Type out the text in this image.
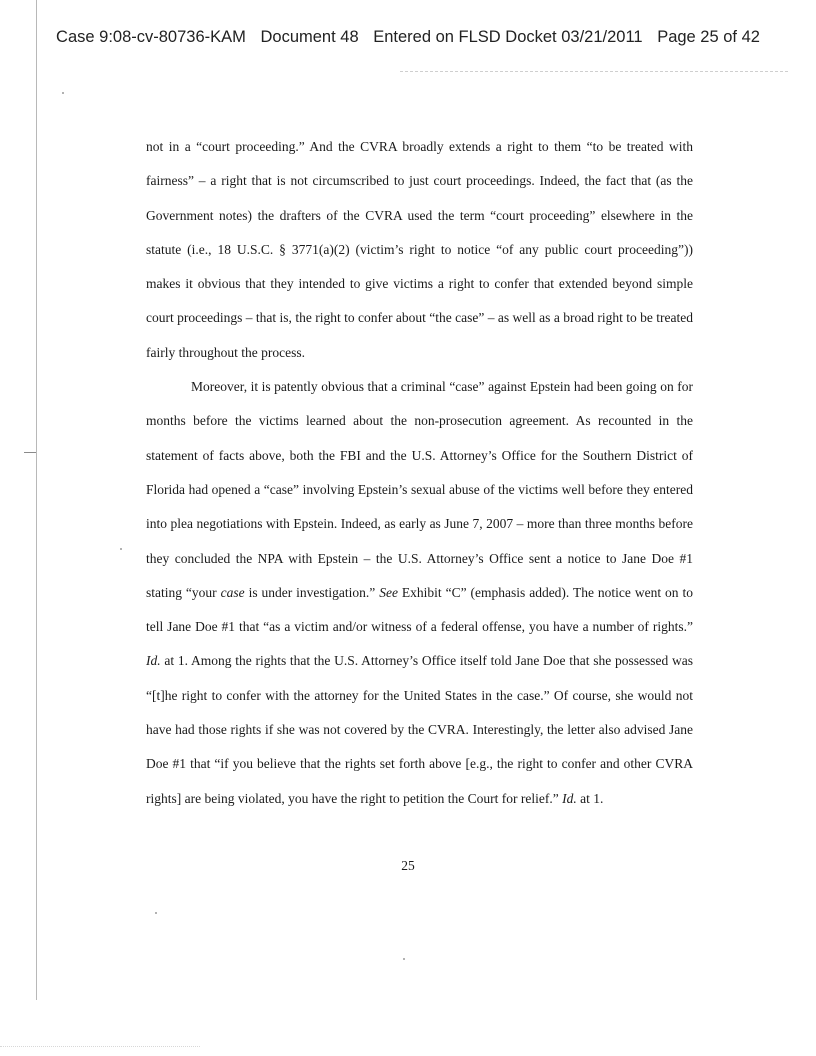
Case 9:08-cv-80736-KAM Document 48 Entered on FLSD Docket 03/21/2011 Page 25 of 42

not in a “court proceeding.” And the CVRA broadly extends a right to them “to be treated with fairness” – a right that is not circumscribed to just court proceedings. Indeed, the fact that (as the Government notes) the drafters of the CVRA used the term “court proceeding” elsewhere in the statute (i.e., 18 U.S.C. § 3771(a)(2) (victim’s right to notice “of any public court proceeding”)) makes it obvious that they intended to give victims a right to confer that extended beyond simple court proceedings – that is, the right to confer about “the case” – as well as a broad right to be treated fairly throughout the process.

Moreover, it is patently obvious that a criminal “case” against Epstein had been going on for months before the victims learned about the non-prosecution agreement. As recounted in the statement of facts above, both the FBI and the U.S. Attorney’s Office for the Southern District of Florida had opened a “case” involving Epstein’s sexual abuse of the victims well before they entered into plea negotiations with Epstein. Indeed, as early as June 7, 2007 – more than three months before they concluded the NPA with Epstein – the U.S. Attorney’s Office sent a notice to Jane Doe #1 stating “your case is under investigation.” See Exhibit “C” (emphasis added). The notice went on to tell Jane Doe #1 that “as a victim and/or witness of a federal offense, you have a number of rights.” Id. at 1. Among the rights that the U.S. Attorney’s Office itself told Jane Doe that she possessed was “[t]he right to confer with the attorney for the United States in the case.” Of course, she would not have had those rights if she was not covered by the CVRA. Interestingly, the letter also advised Jane Doe #1 that “if you believe that the rights set forth above [e.g., the right to confer and other CVRA rights] are being violated, you have the right to petition the Court for relief.” Id. at 1.

25
